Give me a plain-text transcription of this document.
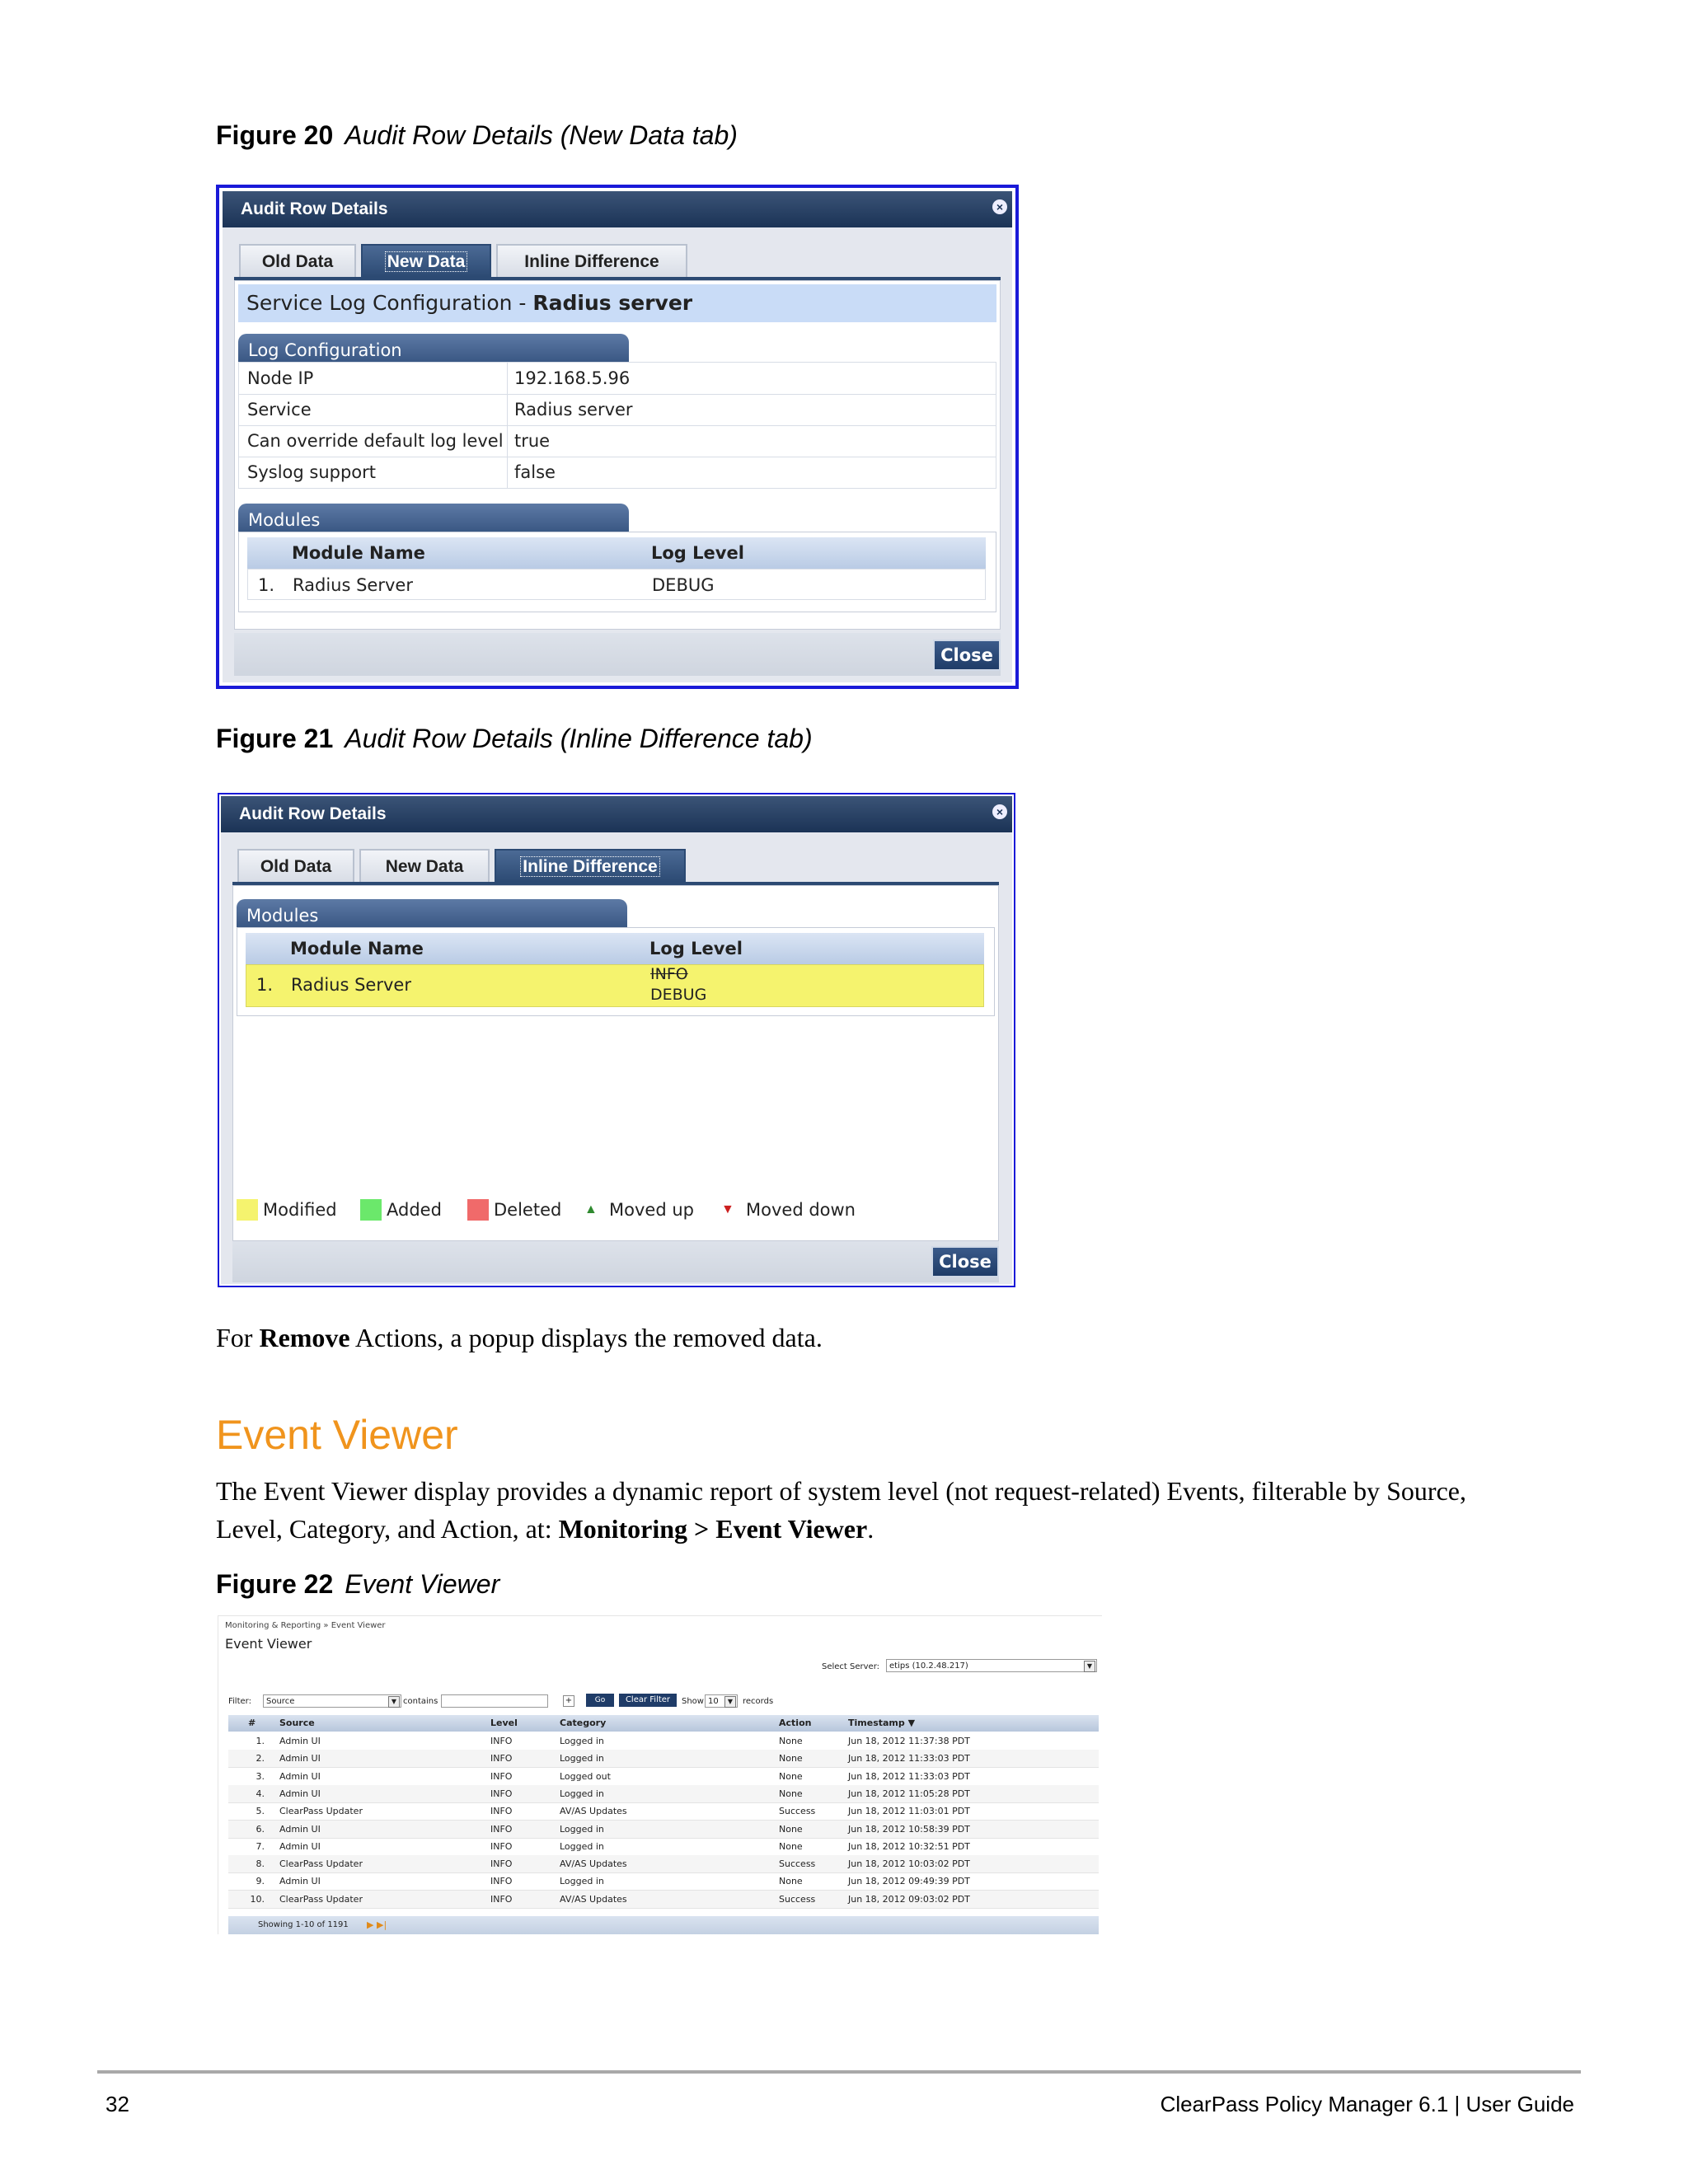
Figure 20 Audit Row Details (New Data tab)
Audit Row Details	×
Old Data	New Data	Inline Difference
Service Log Configuration - Radius server
Log Configuration
Node IP	192.168.5.96
Service	Radius server
Can override default log level true
Syslog support	false
Modules
Module Name	Log Level
1. Radius Server	DEBUG
Close
Figure 21 Audit Row Details (Inline Difference tab)
Audit Row Details	×
Old Data	New Data	Inline Difference
Modules
Module Name	Log Level
1. Radius Server
INFO
DEBUG
Modified	Added	Deleted ▲ Moved up ▼ Moved down
Close
For Remove Actions, a popup displays the removed data.
Event Viewer
The Event Viewer display provides a dynamic report of system level (not request-related) Events, filterable by Source,
Level, Category, and Action, at: Monitoring > Event Viewer.
Figure 22 Event Viewer
Monitoring & Reporting » Event Viewer
Event Viewer
Select Server:	etips (10.2.48.217)	▼
Filter:	Source	▼ contains	+	Go	Clear Filter	Show 10	▼	records
#	Source	Level	Category	Action	Timestamp ▼
1. Admin UI	INFO	Logged in	None	Jun 18, 2012 11:37:38 PDT
2. Admin UI	INFO	Logged in	None	Jun 18, 2012 11:33:03 PDT
3. Admin UI	INFO	Logged out	None	Jun 18, 2012 11:33:03 PDT
4. Admin UI	INFO	Logged in	None	Jun 18, 2012 11:05:28 PDT
5. ClearPass Updater	INFO	AV/AS Updates	Success	Jun 18, 2012 11:03:01 PDT
6. Admin UI	INFO	Logged in	None	Jun 18, 2012 10:58:39 PDT
7. Admin UI	INFO	Logged in	None	Jun 18, 2012 10:32:51 PDT
8. ClearPass Updater	INFO	AV/AS Updates	Success	Jun 18, 2012 10:03:02 PDT
9. Admin UI	INFO	Logged in	None	Jun 18, 2012 09:49:39 PDT
10. ClearPass Updater	INFO	AV/AS Updates	Success	Jun 18, 2012 09:03:02 PDT
Showing 1-10 of 1191 ▶ ▶|
32	ClearPass Policy Manager 6.1 | User Guide
